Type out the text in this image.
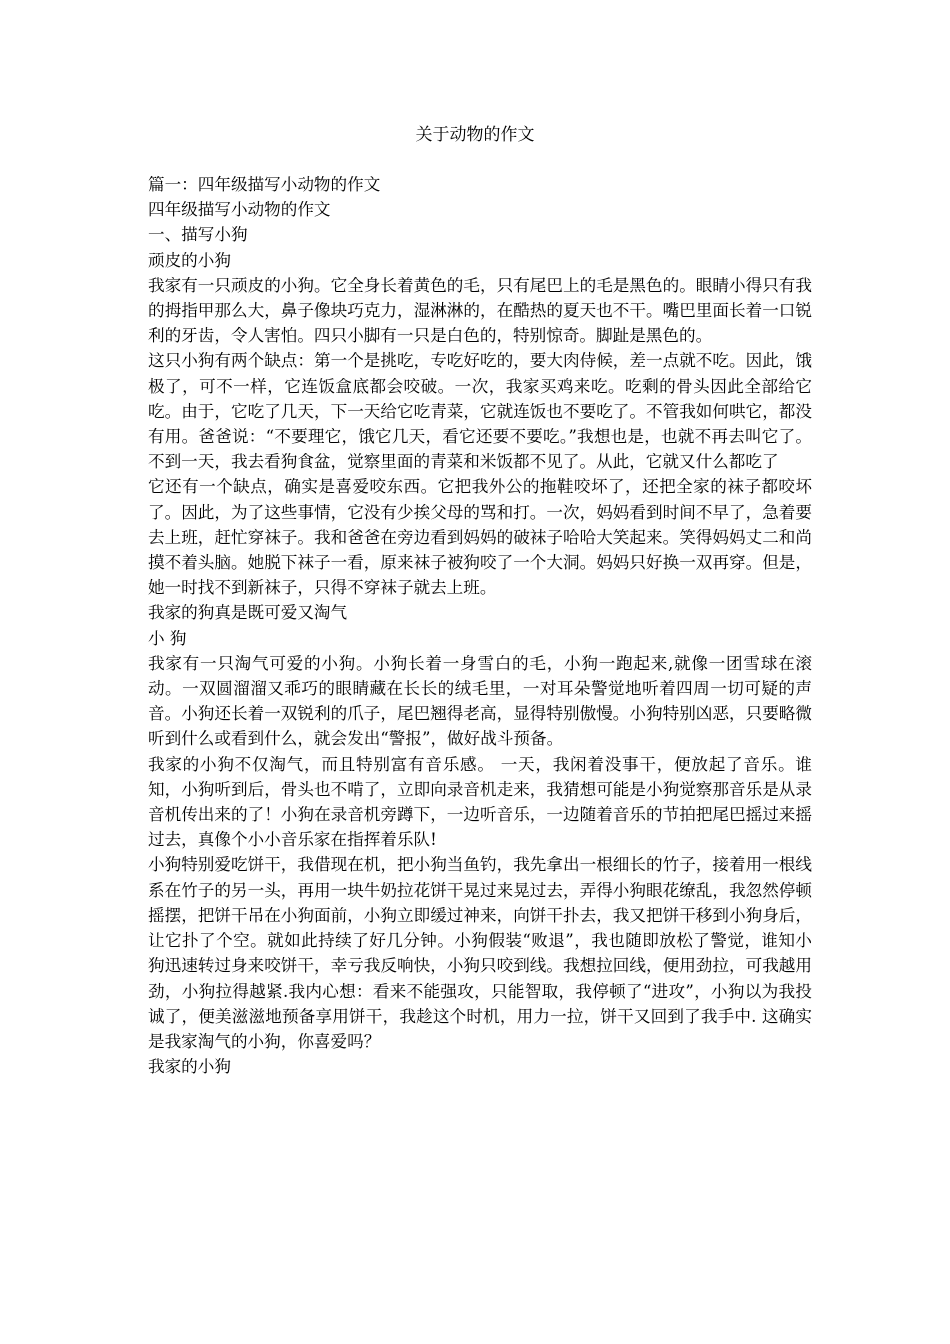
关于动物的作文
篇一：四年级描写小动物的作文
四年级描写小动物的作文
一、描写小狗
顽皮的小狗
我家有一只顽皮的小狗。它全身长着黄色的毛，只有尾巴上的毛是黑色的。眼睛小得只有我的拇指甲那么大，鼻子像块巧克力，湿淋淋的，在酷热的夏天也不干。嘴巴里面长着一口锐利的牙齿，令人害怕。四只小脚有一只是白色的，特别惊奇。脚趾是黑色的。
这只小狗有两个缺点：第一个是挑吃，专吃好吃的，要大肉侍候，差一点就不吃。因此，饿极了，可不一样，它连饭盒底都会咬破。一次，我家买鸡来吃。吃剩的骨头因此全部给它吃。由于，它吃了几天，下一天给它吃青菜，它就连饭也不要吃了。不管我如何哄它，都没有用。爸爸说：“不要理它，饿它几天，看它还要不要吃。”我想也是，也就不再去叫它了。不到一天，我去看狗食盆，觉察里面的青菜和米饭都不见了。从此，它就又什么都吃了
它还有一个缺点，确实是喜爱咬东西。它把我外公的拖鞋咬坏了，还把全家的袜子都咬坏了。因此，为了这些事情，它没有少挨父母的骂和打。一次，妈妈看到时间不早了，急着要去上班，赶忙穿袜子。我和爸爸在旁边看到妈妈的破袜子哈哈大笑起来。笑得妈妈丈二和尚摸不着头脑。她脱下袜子一看，原来袜子被狗咬了一个大洞。妈妈只好换一双再穿。但是，她一时找不到新袜子，只得不穿袜子就去上班。
我家的狗真是既可爱又淘气
小 狗
我家有一只淘气可爱的小狗。小狗长着一身雪白的毛，小狗一跑起来,就像一团雪球在滚动。一双圆溜溜又乖巧的眼睛藏在长长的绒毛里，一对耳朵警觉地听着四周一切可疑的声音。小狗还长着一双锐利的爪子，尾巴翘得老高，显得特别傲慢。小狗特别凶恶，只要略微听到什么或看到什么，就会发出“警报”，做好战斗预备。
我家的小狗不仅淘气，而且特别富有音乐感。 一天，我闲着没事干，便放起了音乐。谁知，小狗听到后，骨头也不啃了，立即向录音机走来，我猜想可能是小狗觉察那音乐是从录音机传出来的了！小狗在录音机旁蹲下，一边听音乐，一边随着音乐的节拍把尾巴摇过来摇过去，真像个小小音乐家在指挥着乐队!
小狗特别爱吃饼干，我借现在机，把小狗当鱼钓，我先拿出一根细长的竹子，接着用一根线系在竹子的另一头，再用一块牛奶拉花饼干晃过来晃过去，弄得小狗眼花缭乱，我忽然停顿摇摆，把饼干吊在小狗面前，小狗立即缓过神来，向饼干扑去，我又把饼干移到小狗身后，让它扑了个空。就如此持续了好几分钟。小狗假装“败退”，我也随即放松了警觉，谁知小狗迅速转过身来咬饼干，幸亏我反响快，小狗只咬到线。我想拉回线，便用劲拉，可我越用劲，小狗拉得越紧.我内心想：看来不能强攻，只能智取，我停顿了“进攻”，小狗以为我投诚了，便美滋滋地预备享用饼干，我趁这个时机，用力一拉，饼干又回到了我手中. 这确实是我家淘气的小狗，你喜爱吗？
我家的小狗
